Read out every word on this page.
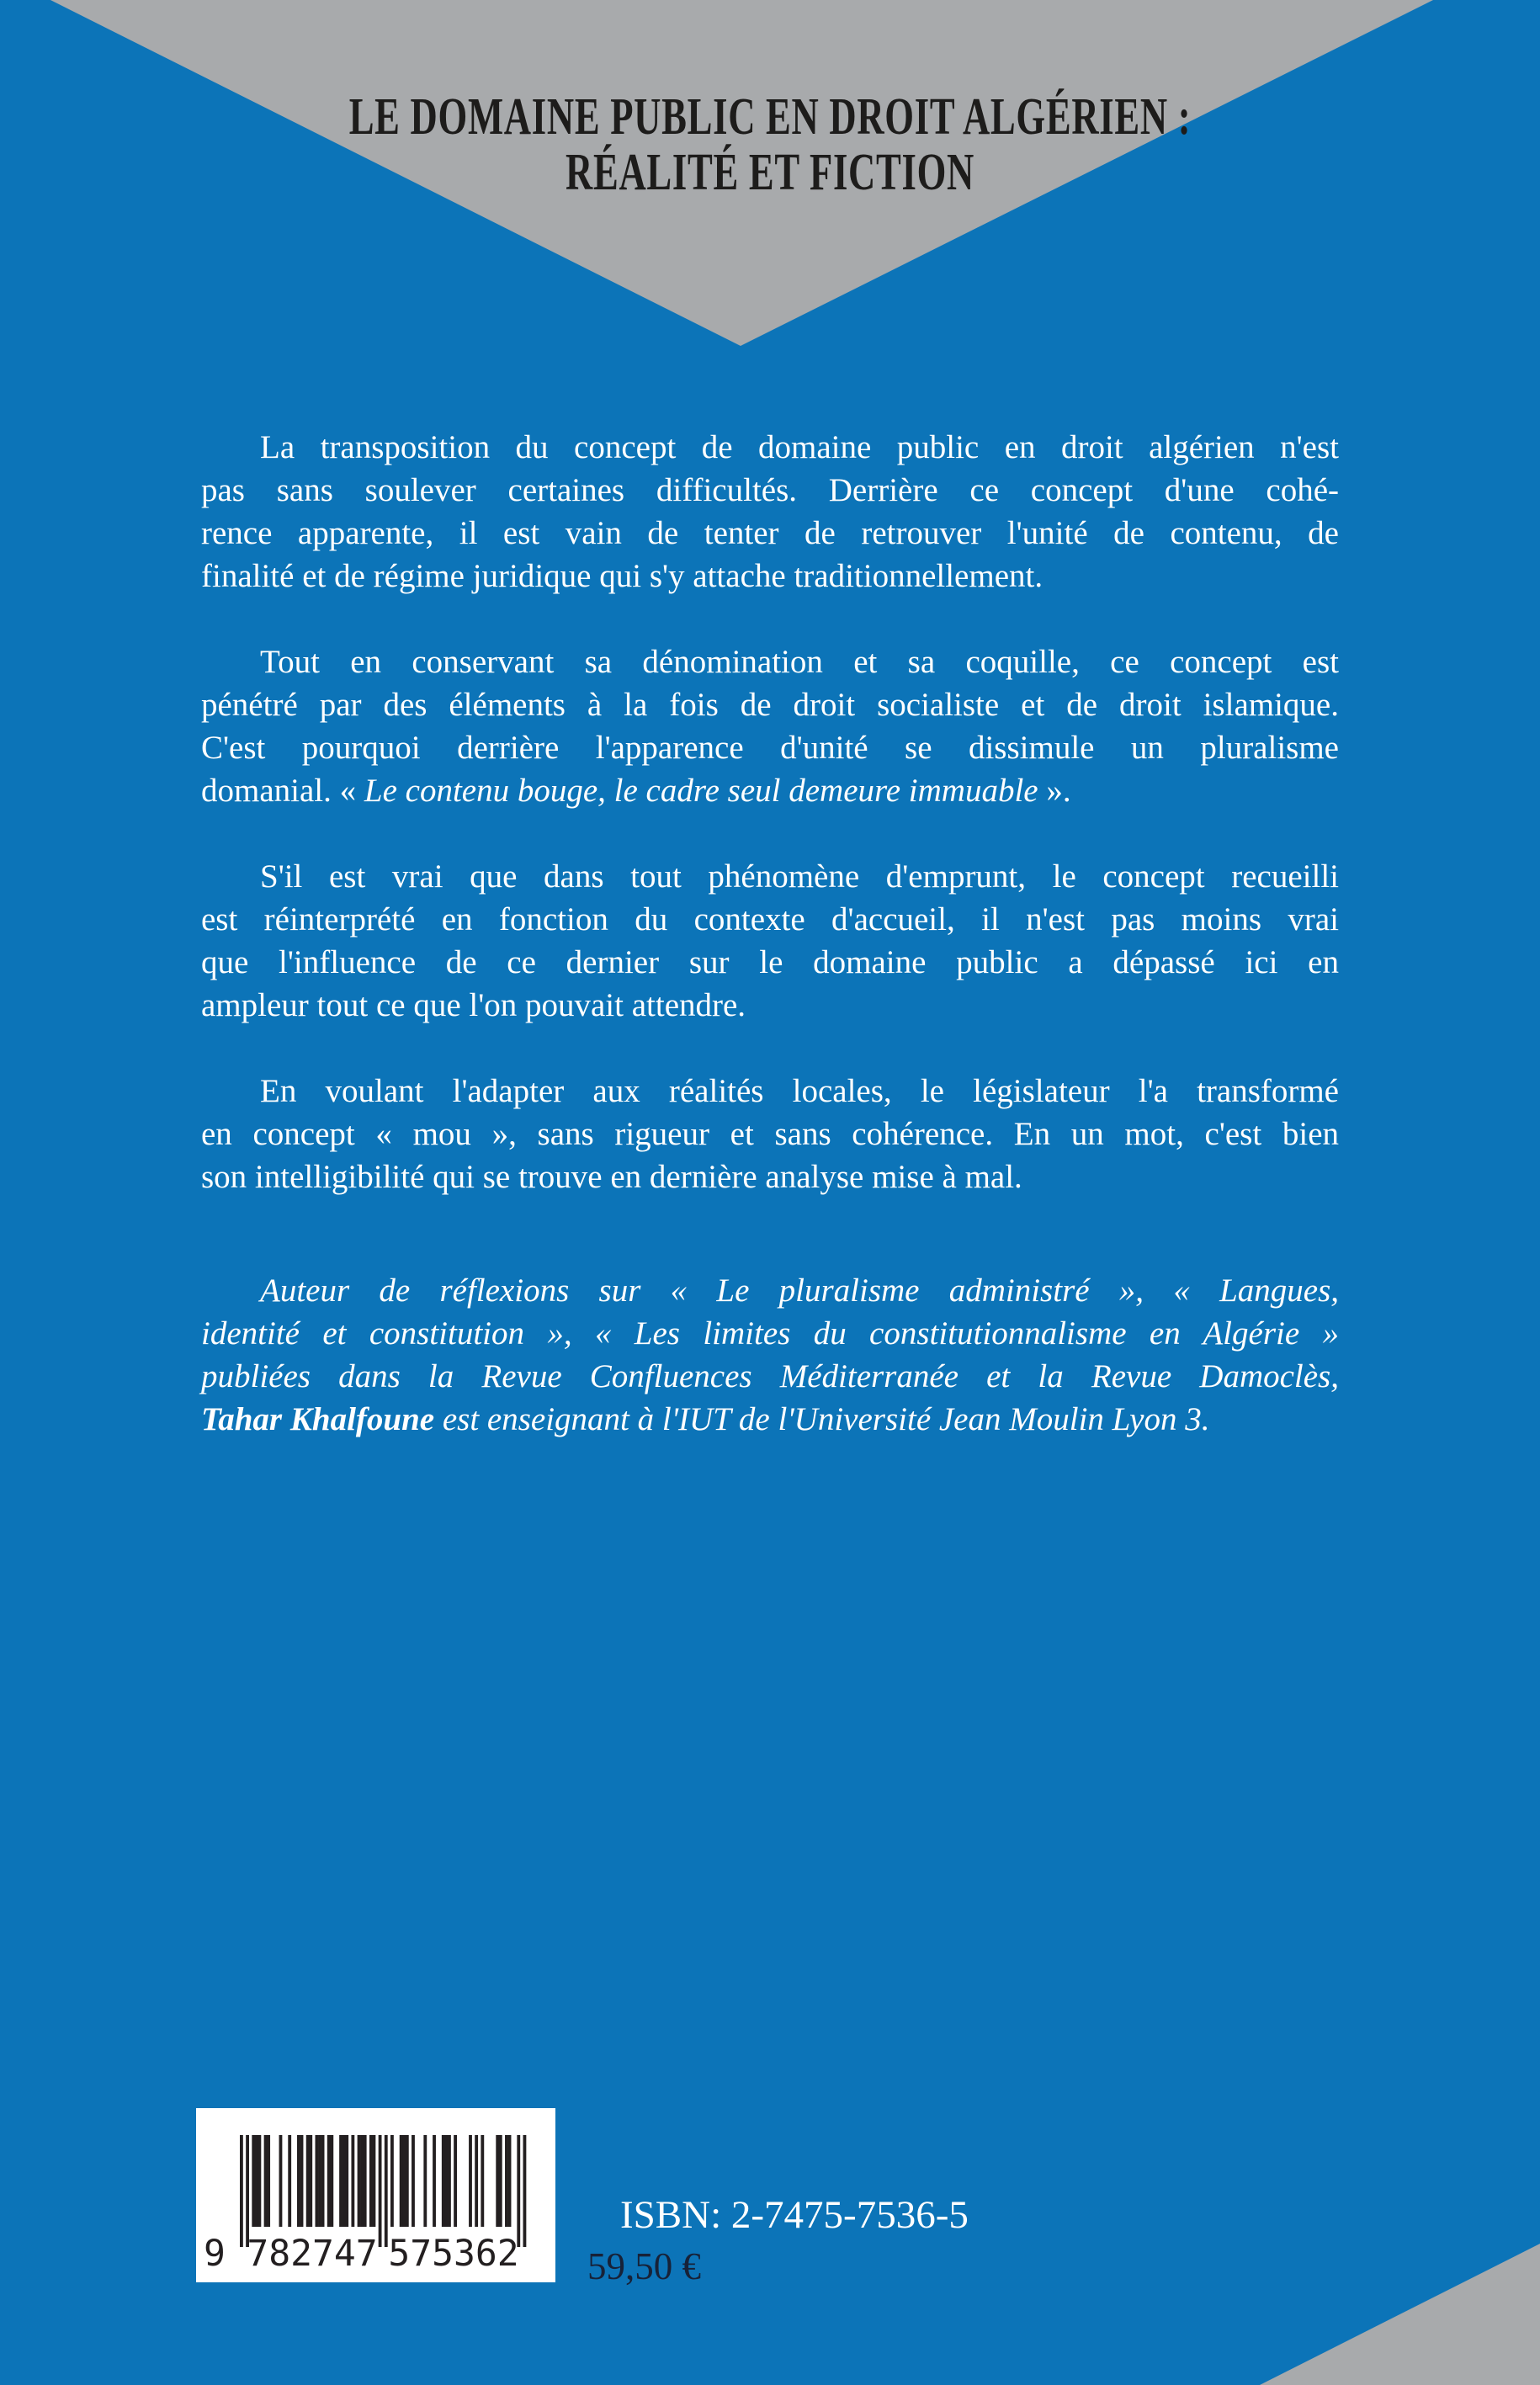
LE DOMAINE PUBLIC EN DROIT ALGÉRIEN :
RÉALITÉ ET FICTION
La transposition du concept de domaine public en droit algérien n'est
pas sans soulever certaines difficultés. Derrière ce concept d'une cohé-
rence apparente, il est vain de tenter de retrouver l'unité de contenu, de
finalité et de régime juridique qui s'y attache traditionnellement.
Tout en conservant sa dénomination et sa coquille, ce concept est
pénétré par des éléments à la fois de droit socialiste et de droit islamique.
C'est pourquoi derrière l'apparence d'unité se dissimule un pluralisme
domanial. « Le contenu bouge, le cadre seul demeure immuable ».
S'il est vrai que dans tout phénomène d'emprunt, le concept recueilli
est réinterprété en fonction du contexte d'accueil, il n'est pas moins vrai
que l'influence de ce dernier sur le domaine public a dépassé ici en
ampleur tout ce que l'on pouvait attendre.
En voulant l'adapter aux réalités locales, le législateur l'a transformé
en concept « mou », sans rigueur et sans cohérence. En un mot, c'est bien
son intelligibilité qui se trouve en dernière analyse mise à mal.
Auteur de réflexions sur « Le pluralisme administré », « Langues,
identité et constitution », « Les limites du constitutionnalisme en Algérie »
publiées dans la Revue Confluences Méditerranée et la Revue Damoclès,
Tahar Khalfoune est enseignant à l'IUT de l'Université Jean Moulin Lyon 3.
9 782747 575362
ISBN: 2-7475-7536-5
59,50 €
